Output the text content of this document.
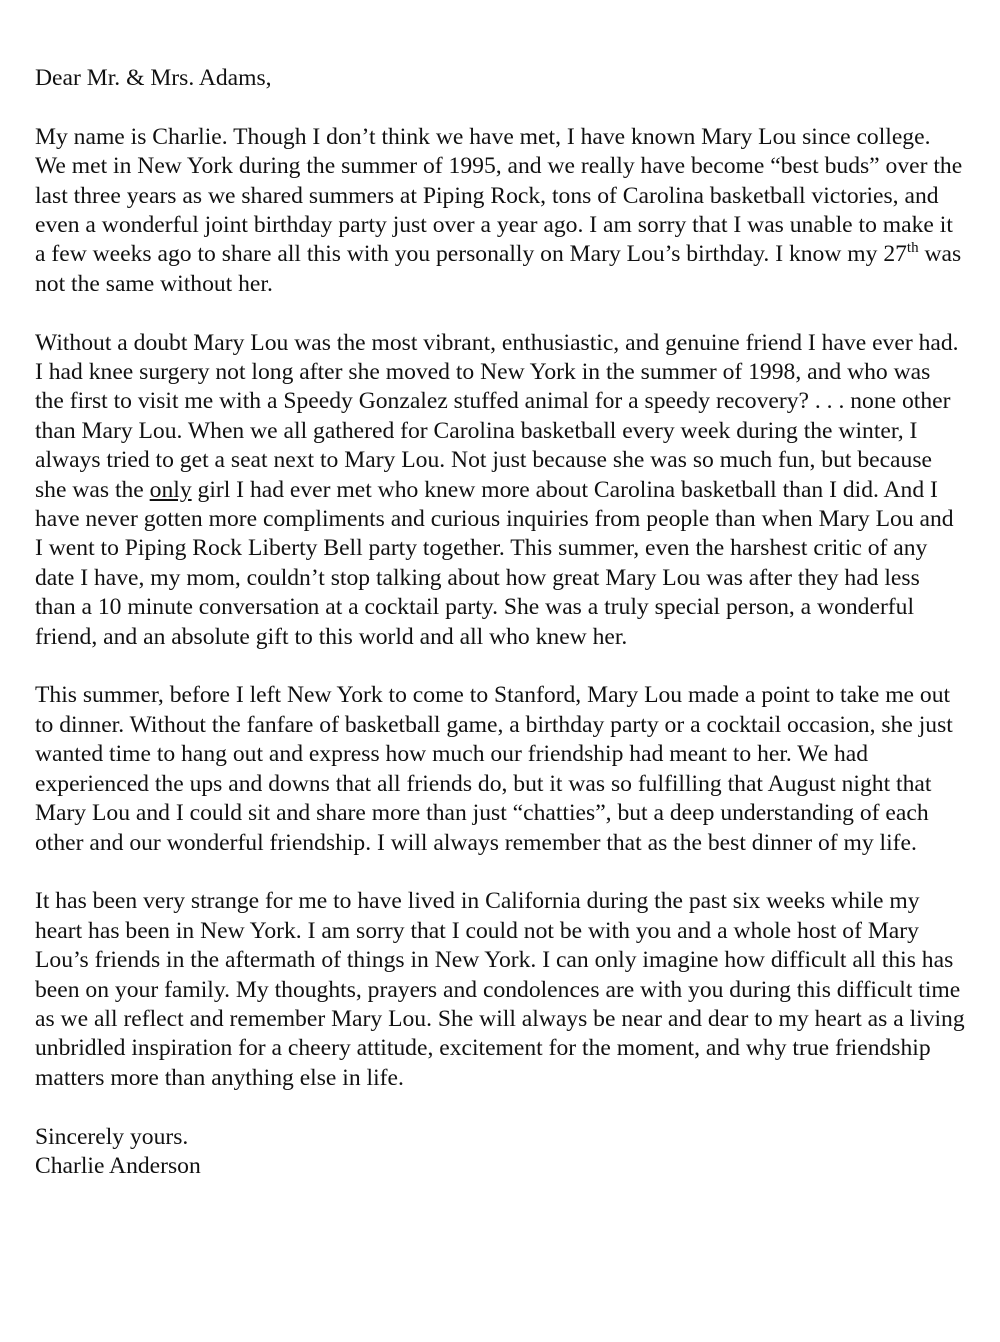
Dear Mr. & Mrs. Adams,

My name is Charlie. Though I don’t think we have met, I have known Mary Lou since college. We met in New York during the summer of 1995, and we really have become “best buds” over the last three years as we shared summers at Piping Rock, tons of Carolina basketball victories, and even a wonderful joint birthday party just over a year ago. I am sorry that I was unable to make it a few weeks ago to share all this with you personally on Mary Lou’s birthday. I know my 27th was not the same without her.

Without a doubt Mary Lou was the most vibrant, enthusiastic, and genuine friend I have ever had. I had knee surgery not long after she moved to New York in the summer of 1998, and who was the first to visit me with a Speedy Gonzalez stuffed animal for a speedy recovery? . . . none other than Mary Lou. When we all gathered for Carolina basketball every week during the winter, I always tried to get a seat next to Mary Lou. Not just because she was so much fun, but because she was the only girl I had ever met who knew more about Carolina basketball than I did. And I have never gotten more compliments and curious inquiries from people than when Mary Lou and I went to Piping Rock Liberty Bell party together. This summer, even the harshest critic of any date I have, my mom, couldn’t stop talking about how great Mary Lou was after they had less than a 10 minute conversation at a cocktail party. She was a truly special person, a wonderful friend, and an absolute gift to this world and all who knew her.

This summer, before I left New York to come to Stanford, Mary Lou made a point to take me out to dinner. Without the fanfare of basketball game, a birthday party or a cocktail occasion, she just wanted time to hang out and express how much our friendship had meant to her. We had experienced the ups and downs that all friends do, but it was so fulfilling that August night that Mary Lou and I could sit and share more than just “chatties”, but a deep understanding of each other and our wonderful friendship. I will always remember that as the best dinner of my life.

It has been very strange for me to have lived in California during the past six weeks while my heart has been in New York. I am sorry that I could not be with you and a whole host of Mary Lou’s friends in the aftermath of things in New York. I can only imagine how difficult all this has been on your family. My thoughts, prayers and condolences are with you during this difficult time as we all reflect and remember Mary Lou. She will always be near and dear to my heart as a living unbridled inspiration for a cheery attitude, excitement for the moment, and why true friendship matters more than anything else in life.

Sincerely yours.

Charlie Anderson
